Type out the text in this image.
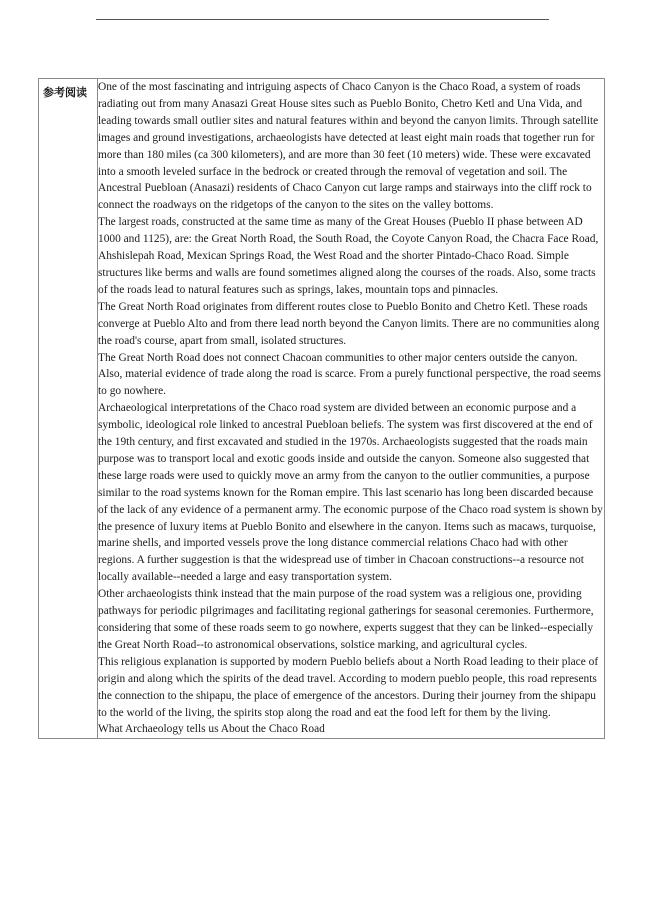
参考阅读	One of the most fascinating and intriguing aspects of Chaco Canyon is the Chaco Road, a system of roads radiating out from many Anasazi Great House sites such as Pueblo Bonito, Chetro Ketl and Una Vida, and leading towards small outlier sites and natural features within and beyond the canyon limits. Through satellite images and ground investigations, archaeologists have detected at least eight main roads that together run for more than 180 miles (ca 300 kilometers), and are more than 30 feet (10 meters) wide. These were excavated into a smooth leveled surface in the bedrock or created through the removal of vegetation and soil. The Ancestral Puebloan (Anasazi) residents of Chaco Canyon cut large ramps and stairways into the cliff rock to connect the roadways on the ridgetops of the canyon to the sites on the valley bottoms.

The largest roads, constructed at the same time as many of the Great Houses (Pueblo II phase between AD 1000 and 1125), are: the Great North Road, the South Road, the Coyote Canyon Road, the Chacra Face Road, Ahshislepah Road, Mexican Springs Road, the West Road and the shorter Pintado-Chaco Road. Simple structures like berms and walls are found sometimes aligned along the courses of the roads. Also, some tracts of the roads lead to natural features such as springs, lakes, mountain tops and pinnacles.

The Great North Road originates from different routes close to Pueblo Bonito and Chetro Ketl. These roads converge at Pueblo Alto and from there lead north beyond the Canyon limits. There are no communities along the road's course, apart from small, isolated structures.

The Great North Road does not connect Chacoan communities to other major centers outside the canyon. Also, material evidence of trade along the road is scarce. From a purely functional perspective, the road seems to go nowhere.

Archaeological interpretations of the Chaco road system are divided between an economic purpose and a symbolic, ideological role linked to ancestral Puebloan beliefs. The system was first discovered at the end of the 19th century, and first excavated and studied in the 1970s. Archaeologists suggested that the roads main purpose was to transport local and exotic goods inside and outside the canyon. Someone also suggested that these large roads were used to quickly move an army from the canyon to the outlier communities, a purpose similar to the road systems known for the Roman empire. This last scenario has long been discarded because of the lack of any evidence of a permanent army. The economic purpose of the Chaco road system is shown by the presence of luxury items at Pueblo Bonito and elsewhere in the canyon. Items such as macaws, turquoise, marine shells, and imported vessels prove the long distance commercial relations Chaco had with other regions. A further suggestion is that the widespread use of timber in Chacoan constructions--a resource not locally available--needed a large and easy transportation system.

Other archaeologists think instead that the main purpose of the road system was a religious one, providing pathways for periodic pilgrimages and facilitating regional gatherings for seasonal ceremonies. Furthermore, considering that some of these roads seem to go nowhere, experts suggest that they can be linked--especially the Great North Road--to astronomical observations, solstice marking, and agricultural cycles.

This religious explanation is supported by modern Pueblo beliefs about a North Road leading to their place of origin and along which the spirits of the dead travel. According to modern pueblo people, this road represents the connection to the shipapu, the place of emergence of the ancestors. During their journey from the shipapu to the world of the living, the spirits stop along the road and eat the food left for them by the living.

What Archaeology tells us About the Chaco Road
